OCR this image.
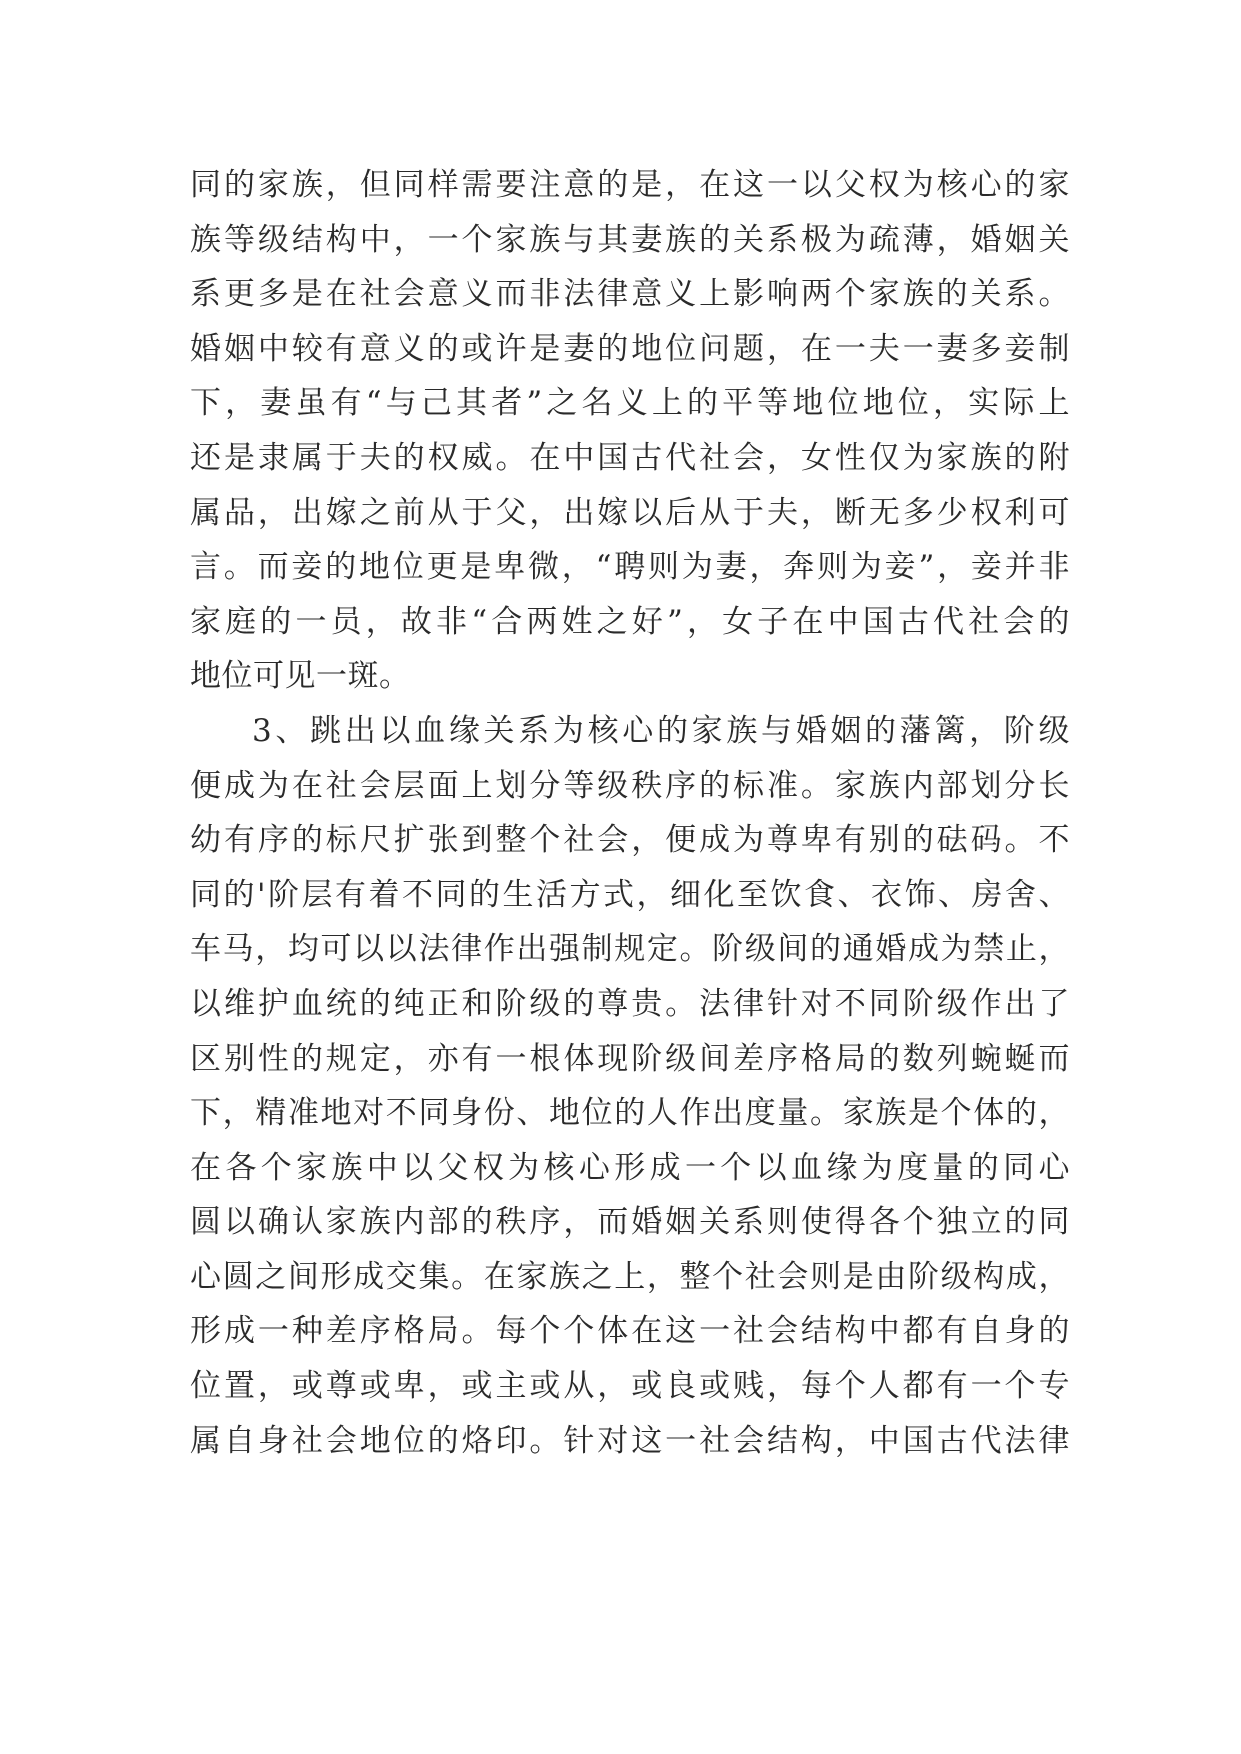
同的家族，但同样需要注意的是，在这一以父权为核心的家
族等级结构中，一个家族与其妻族的关系极为疏薄，婚姻关
系更多是在社会意义而非法律意义上影响两个家族的关系。
婚姻中较有意义的或许是妻的地位问题，在一夫一妻多妾制
下，妻虽有“与己其者”之名义上的平等地位地位，实际上
还是隶属于夫的权威。在中国古代社会，女性仅为家族的附
属品，出嫁之前从于父，出嫁以后从于夫，断无多少权利可
言。而妾的地位更是卑微，“聘则为妻，奔则为妾”，妾并非
家庭的一员，故非“合两姓之好”，女子在中国古代社会的
地位可见一斑。
3、跳出以血缘关系为核心的家族与婚姻的藩篱，阶级
便成为在社会层面上划分等级秩序的标准。家族内部划分长
幼有序的标尺扩张到整个社会，便成为尊卑有别的砝码。不
同的'阶层有着不同的生活方式，细化至饮食、衣饰、房舍、
车马，均可以以法律作出强制规定。阶级间的通婚成为禁止，
以维护血统的纯正和阶级的尊贵。法律针对不同阶级作出了
区别性的规定，亦有一根体现阶级间差序格局的数列蜿蜒而
下，精准地对不同身份、地位的人作出度量。家族是个体的，
在各个家族中以父权为核心形成一个以血缘为度量的同心
圆以确认家族内部的秩序，而婚姻关系则使得各个独立的同
心圆之间形成交集。在家族之上，整个社会则是由阶级构成，
形成一种差序格局。每个个体在这一社会结构中都有自身的
位置，或尊或卑，或主或从，或良或贱，每个人都有一个专
属自身社会地位的烙印。针对这一社会结构，中国古代法律
